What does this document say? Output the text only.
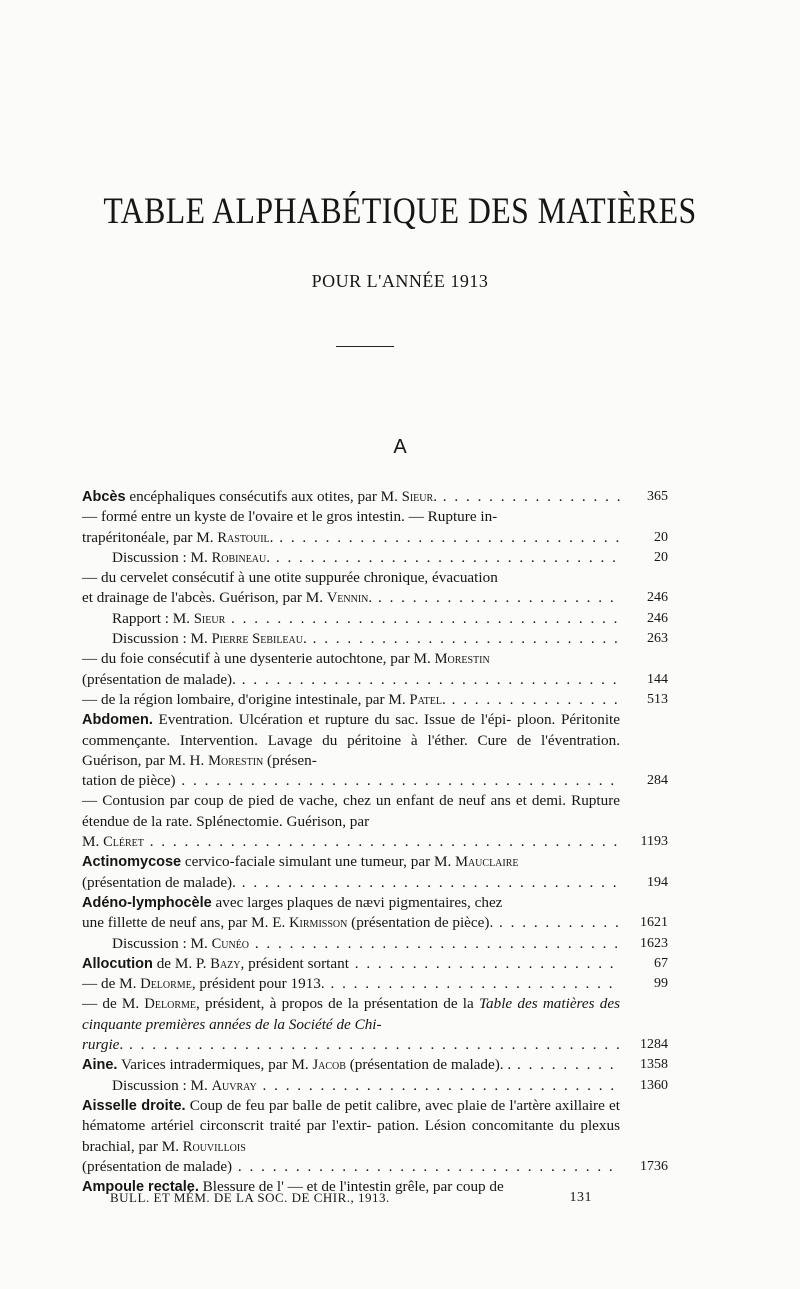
TABLE ALPHABÉTIQUE DES MATIÈRES
POUR L'ANNÉE 1913
A
Abcès encéphaliques consécutifs aux otites, par M. Sieur. . . .	365
— formé entre un kyste de l'ovaire et le gros intestin. — Rupture in-
trapéritonéale, par M. Rastouil. . . .	20
Discussion : M. Robineau. . . .	20
— du cervelet consécutif à une otite suppurée chronique, évacuation
et drainage de l'abcès. Guérison, par M. Vennin. . . .	246
Rapport : M. Sieur . . .	246
Discussion : M. Pierre Sebileau. . . .	263
— du foie consécutif à une dysenterie autochtone, par M. Morestin
(présentation de malade). . . .	144
— de la région lombaire, d'origine intestinale, par M. Patel. . . .	513
Abdomen. Eventration. Ulcération et rupture du sac. Issue de l'épi- ploon. Péritonite commençante. Intervention. Lavage du péritoine à l'éther. Cure de l'éventration. Guérison, par M. H. Morestin (présen-
tation de pièce) . . .	284
— Contusion par coup de pied de vache, chez un enfant de neuf ans et demi. Rupture étendue de la rate. Splénectomie. Guérison, par
M. Cléret . . .	1193
Actinomycose cervico-faciale simulant une tumeur, par M. Mauclaire
(présentation de malade). . . .	194
Adéno-lymphocèle avec larges plaques de nævi pigmentaires, chez
une fillette de neuf ans, par M. E. Kirmisson (présentation de pièce). . . .	1621
Discussion : M. Cunéo . . .	1623
Allocution de M. P. Bazy, président sortant . . .	67
— de M. Delorme, président pour 1913. . . .	99
— de M. Delorme, président, à propos de la présentation de la Table des matières des cinquante premières années de la Société de Chi-
rurgie. . . .	1284
Aine. Varices intradermiques, par M. Jacob (présentation de malade). . . . .	1358
Discussion : M. Auvray . . .	1360
Aisselle droite. Coup de feu par balle de petit calibre, avec plaie de l'artère axillaire et hématome artériel circonscrit traité par l'extir- pation. Lésion concomitante du plexus brachial, par M. Rouvillois
(présentation de malade) . . .	1736
Ampoule rectale. Blessure de l' — et de l'intestin grêle, par coup de
BULL. ET MÉM. DE LA SOC. DE CHIR., 1913.	131
